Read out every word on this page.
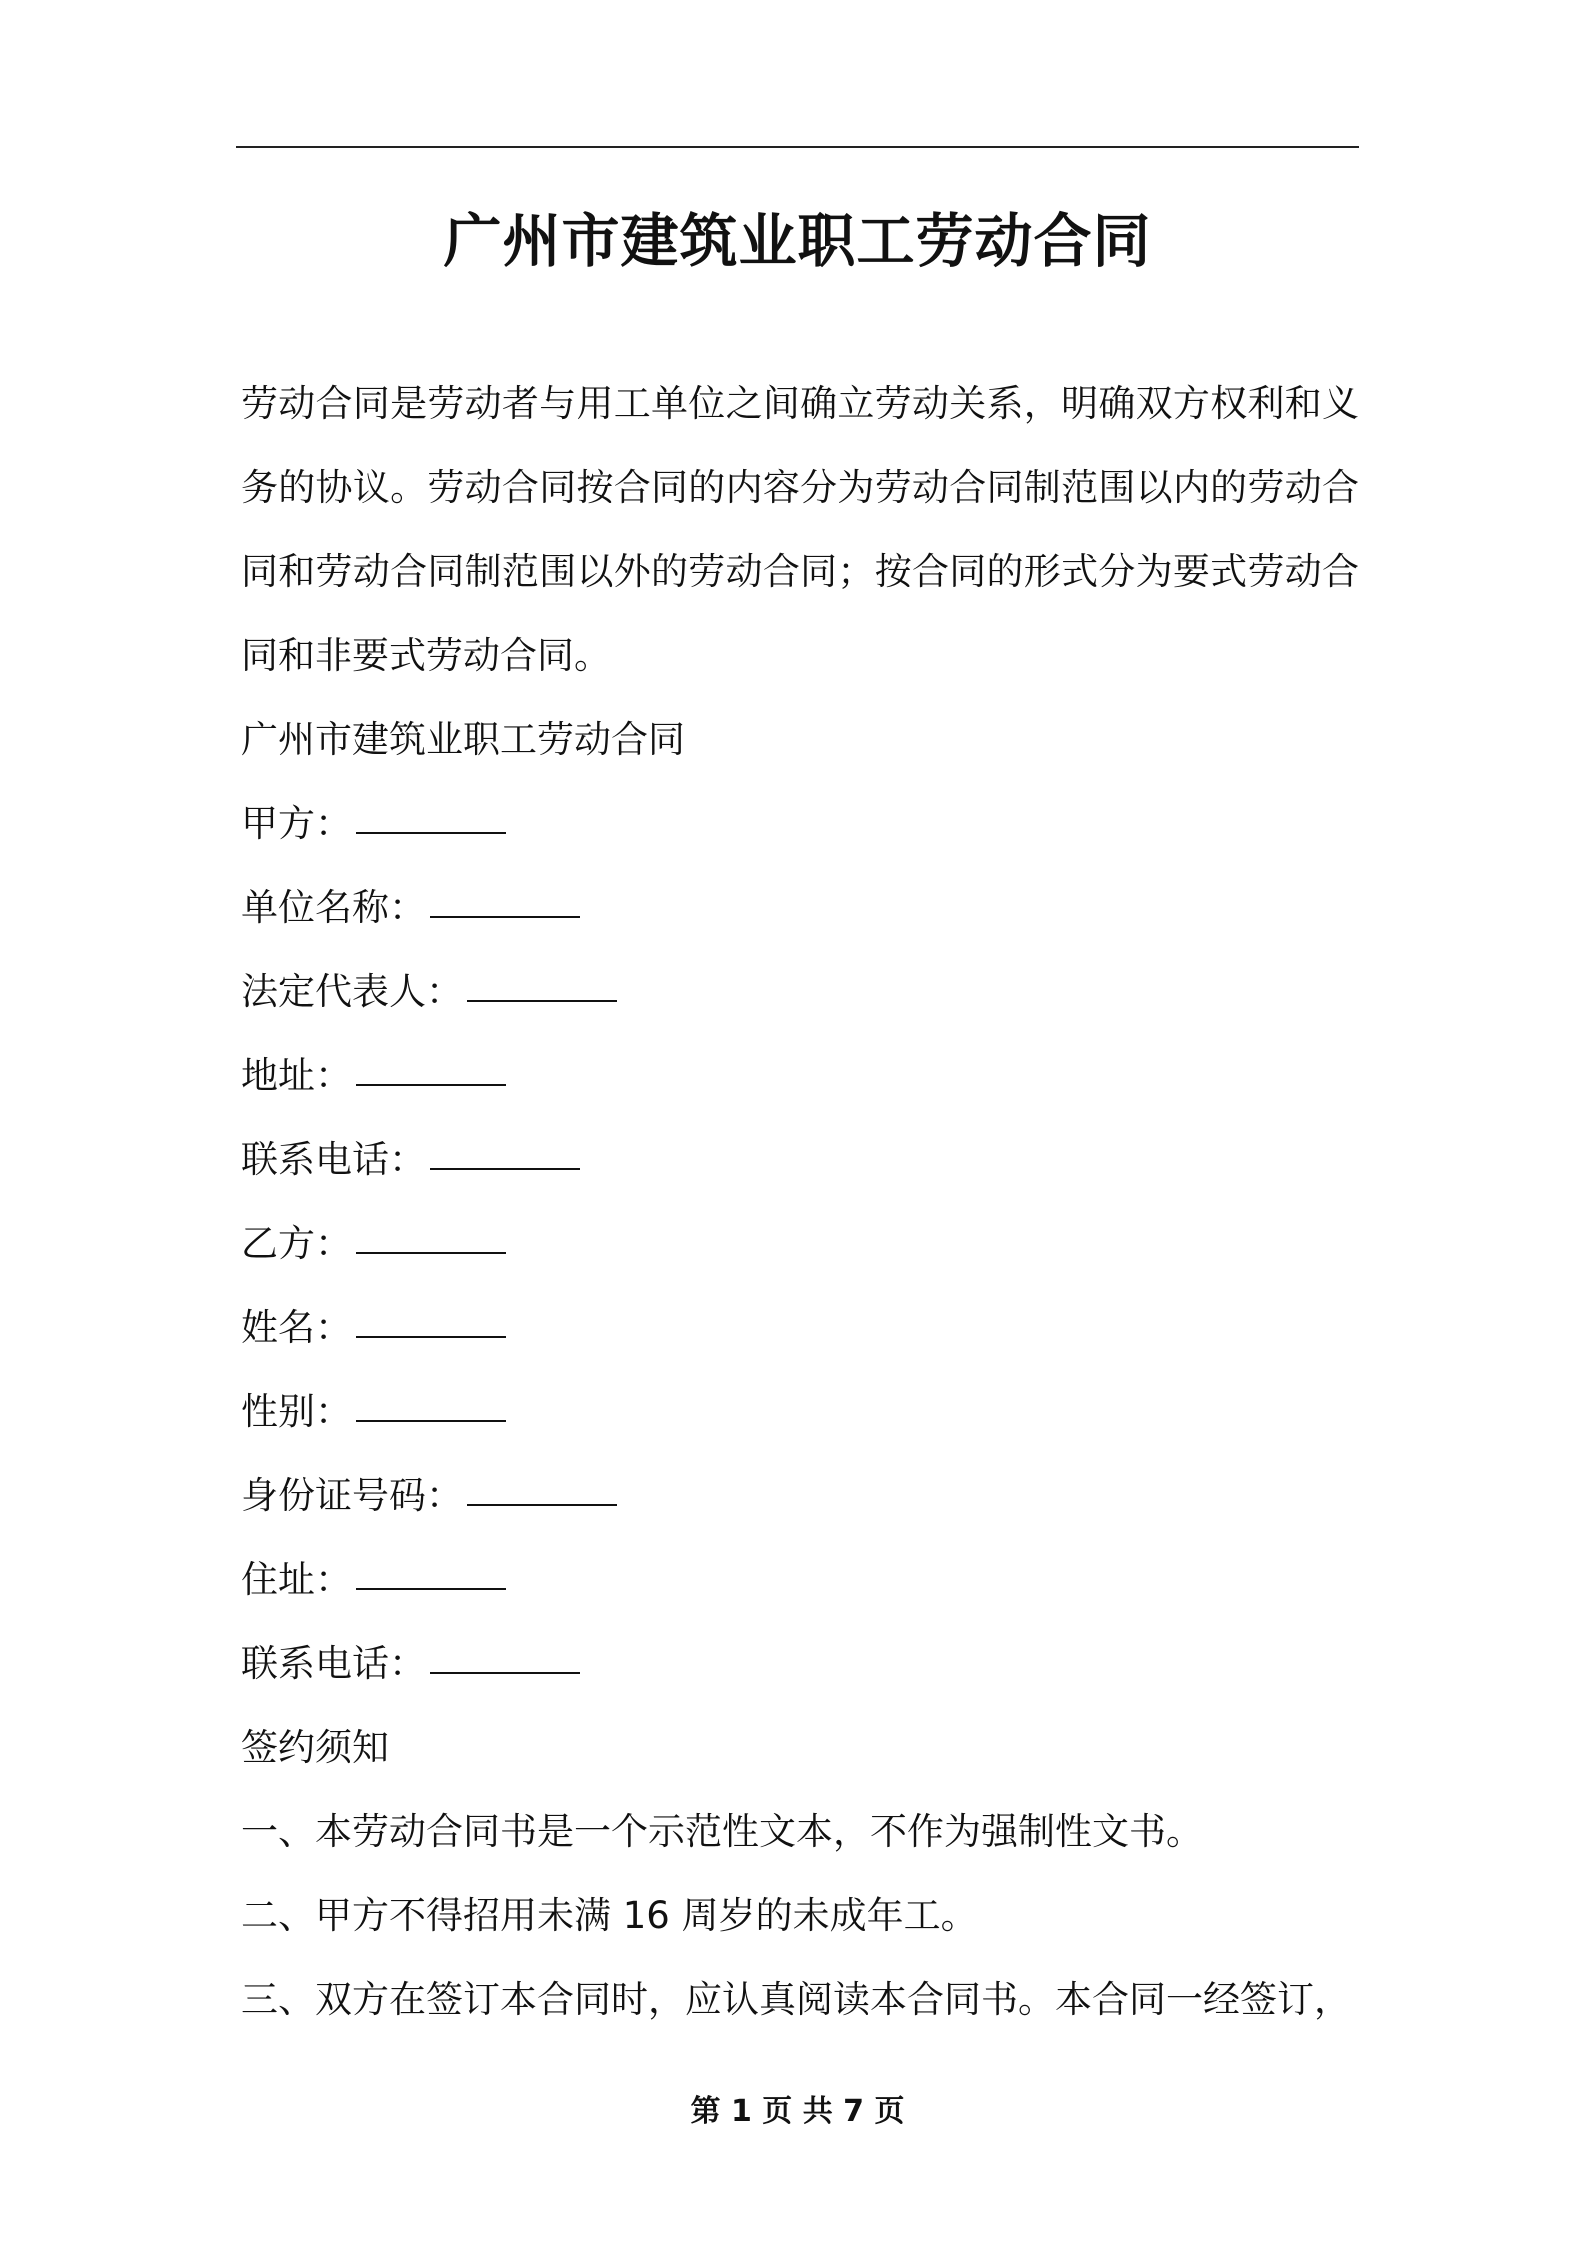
广州市建筑业职工劳动合同

劳动合同是劳动者与用工单位之间确立劳动关系，明确双方权利和义务的协议。劳动合同按合同的内容分为劳动合同制范围以内的劳动合同和劳动合同制范围以外的劳动合同；按合同的形式分为要式劳动合同和非要式劳动合同。

广州市建筑业职工劳动合同
甲方：
单位名称：
法定代表人：
地址：
联系电话：
乙方：
姓名：
性别：
身份证号码：
住址：
联系电话：
签约须知
一、本劳动合同书是一个示范性文本，不作为强制性文书。
二、甲方不得招用未满 16 周岁的未成年工。
三、双方在签订本合同时，应认真阅读本合同书。本合同一经签订，
第 1 页 共 7 页
